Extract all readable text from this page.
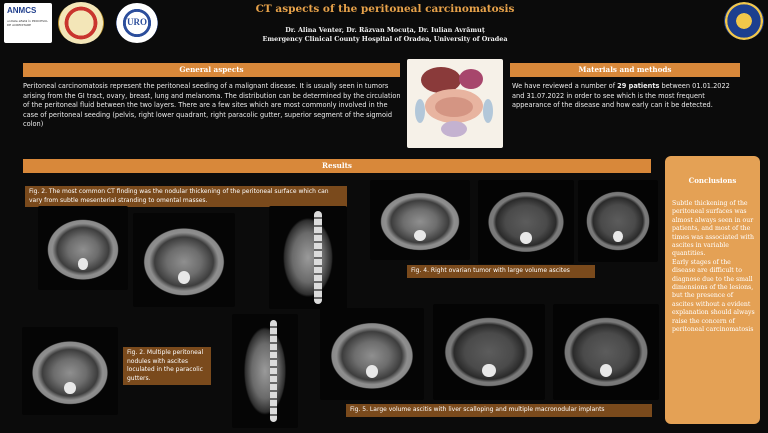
ANMCS
unitate aflată în PROCESUL DE ACREDITARE	URO
CT aspects of the peritoneal carcinomatosis
Dr. Alina Venter, Dr. Răzvan Mocuța, Dr. Iulian Avrămuț
Emergency Clinical County Hospital of Oradea, University of Oradea
General aspects
Peritoneal carcinomatosis represent the peritoneal seeding of a malignant disease. It is usually seen in tumors arising from the GI tract, ovary, breast, lung and melanoma. The distribution can be determined by the circulation of the peritoneal fluid between the two layers. There are a few sites which are most commonly involved in the case of peritoneal seeding (pelvis, right lower quadrant, right paracolic gutter, superior segment of the sigmoid colon)
Materials and methods
We have reviewed a number of 29 patients between 01.01.2022 and 31.07.2022 in order to see which is the most frequent appearance of the disease and how early can it be detected.
Results
Fig. 2. The most common CT finding was the nodular thickening of the peritoneal surface which can vary from subtle mesenterial stranding to omental masses.
Fig. 4. Right ovarian tumor with large volume ascites
Fig. 2. Multiple peritoneal nodules with ascites loculated in the paracolic gutters.
Fig. 5. Large volume ascitis with liver scalloping and multiple macronodular implants
Conclusions
Subtle thickening of the peritoneal surfaces was almost always seen in our patients, and most of the times was associated with ascites in variable quantities.
Early stages of the disease are difficult to diagnose due to the small dimensions of the lesions, but the presence of ascites without a evident explanation should always raise the concern of peritoneal carcinomatosis
